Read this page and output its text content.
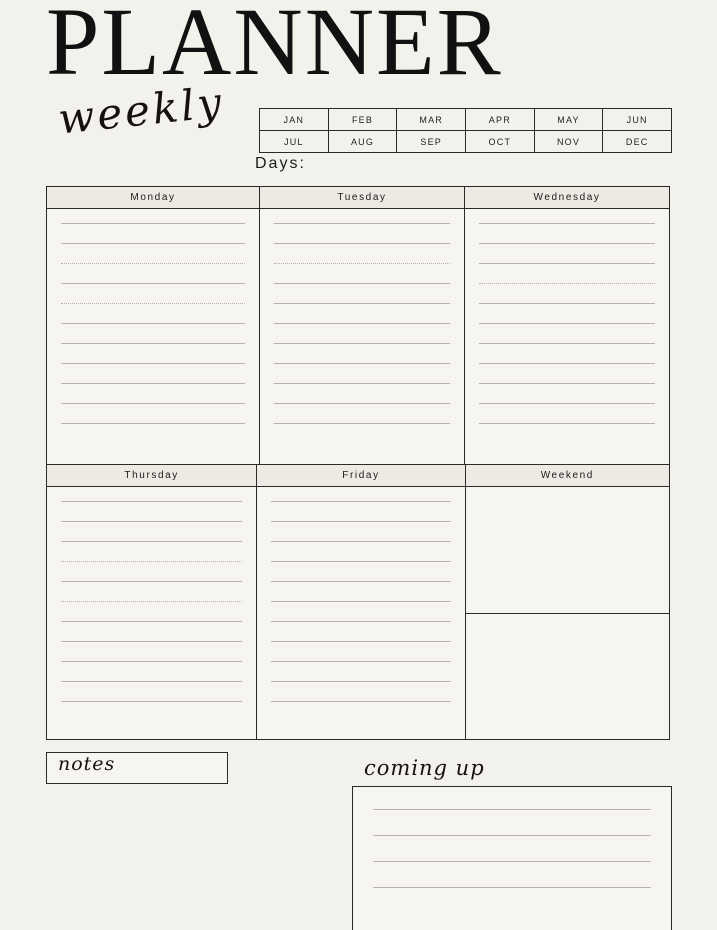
PLANNER
weekly	JAN	FEB	MAR	APR	MAY	JUN
JUL	AUG	SEP	OCT	NOV	DEC
Days:
Monday	Tuesday	Wednesday
Thursday	Friday	Weekend
notes	coming up
